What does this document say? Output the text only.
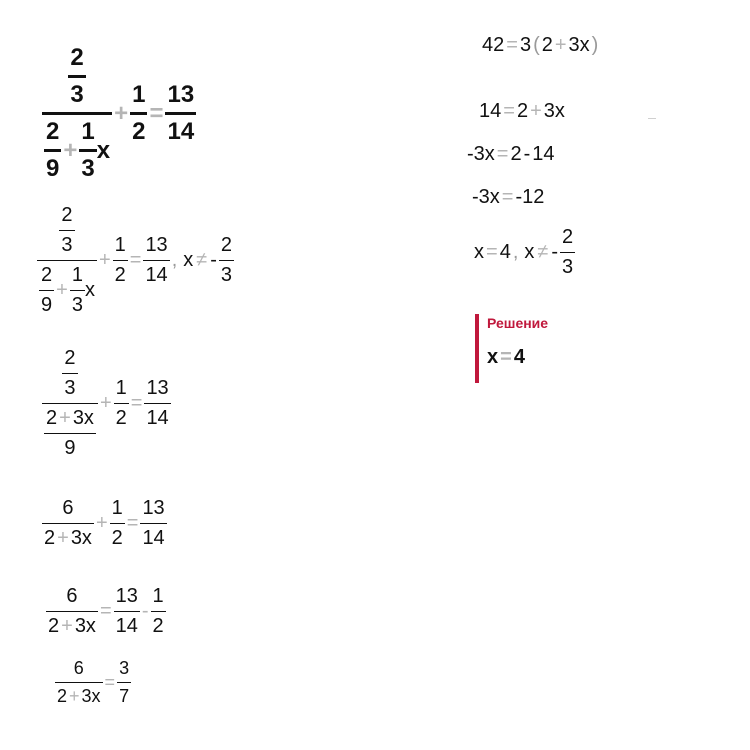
$\frac{2}{3}$
$\frac{2}{9} + \frac{1}{3}$ x
+ $\frac{1}{2} = \frac{13}{14}$
$\frac{2}{3}$
$\frac{2}{9} + \frac{1}{3}$ x
+ $\frac{1}{2} = \frac{13}{14}$ , x ≠ - $\frac{2}{3}$
$\frac{\frac{2}{3}}{\frac{2 + 3x}{9}} + \frac{1}{2} = \frac{13}{14}$
$\frac{6}{2 + 3x} + \frac{1}{2} = \frac{13}{14}$
$\frac{6}{2 + 3x} = \frac{13}{14} - \frac{1}{2}$
$\frac{6}{2 + 3x} = \frac{3}{7}$
42 = 3 ( 2 + 3x )
14 = 2 + 3x
-3x = 2 - 14
-3x = -12
x = 4 , x ≠ - $\frac{2}{3}$
Решение
x = 4
